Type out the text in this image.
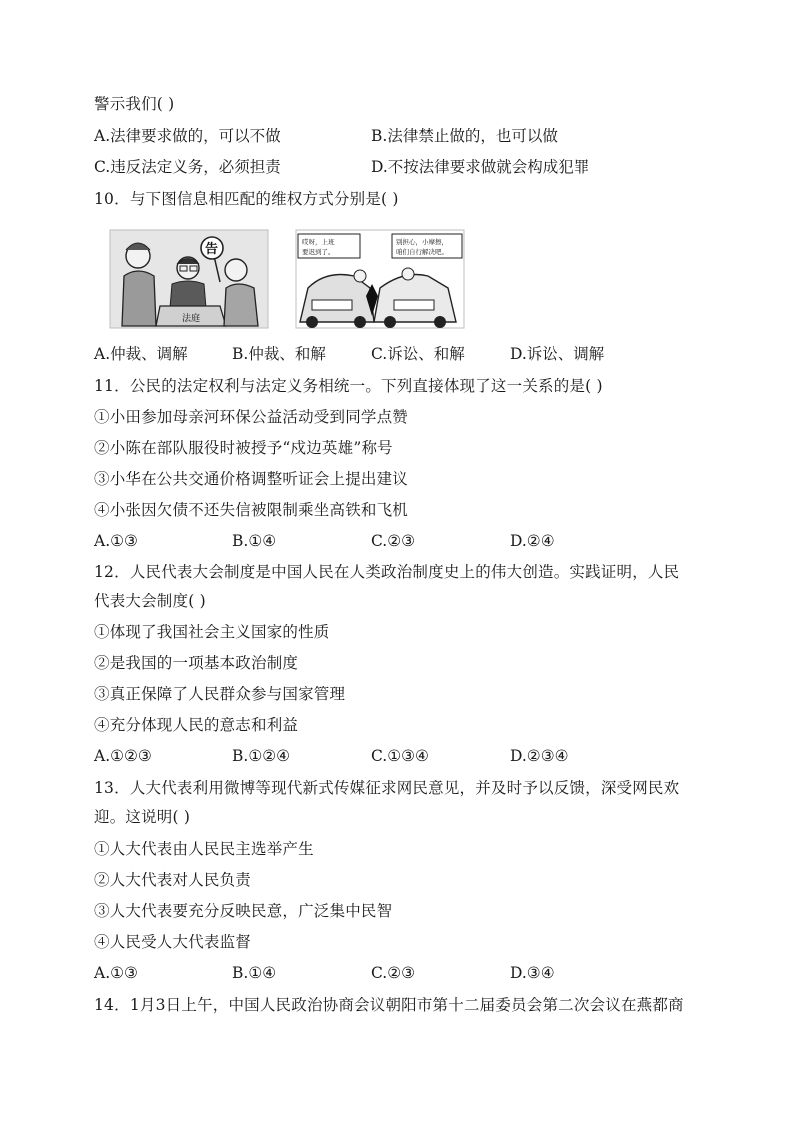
警示我们( )
A.法律要求做的，可以不做	B.法律禁止做的，也可以做
C.违反法定义务，必须担责	D.不按法律要求做就会构成犯罪
10．与下图信息相匹配的维权方式分别是( )
法庭
告	哎呀，上班
要迟到了。
别担心，小摩擦，
咱们自行解决吧。
A.仲裁、调解	B.仲裁、和解	C.诉讼、和解	D.诉讼、调解
11．公民的法定权利与法定义务相统一。下列直接体现了这一关系的是( )
①小田参加母亲河环保公益活动受到同学点赞
②小陈在部队服役时被授予“戍边英雄”称号
③小华在公共交通价格调整听证会上提出建议
④小张因欠债不还失信被限制乘坐高铁和飞机
A.①③	B.①④	C.②③	D.②④
12．人民代表大会制度是中国人民在人类政治制度史上的伟大创造。实践证明，人民
代表大会制度( )
①体现了我国社会主义国家的性质
②是我国的一项基本政治制度
③真正保障了人民群众参与国家管理
④充分体现人民的意志和利益
A.①②③	B.①②④	C.①③④	D.②③④
13．人大代表利用微博等现代新式传媒征求网民意见，并及时予以反馈，深受网民欢
迎。这说明( )
①人大代表由人民民主选举产生
②人大代表对人民负责
③人大代表要充分反映民意，广泛集中民智
④人民受人大代表监督
A.①③	B.①④	C.②③	D.③④
14．1月3日上午，中国人民政治协商会议朝阳市第十二届委员会第二次会议在燕都商
